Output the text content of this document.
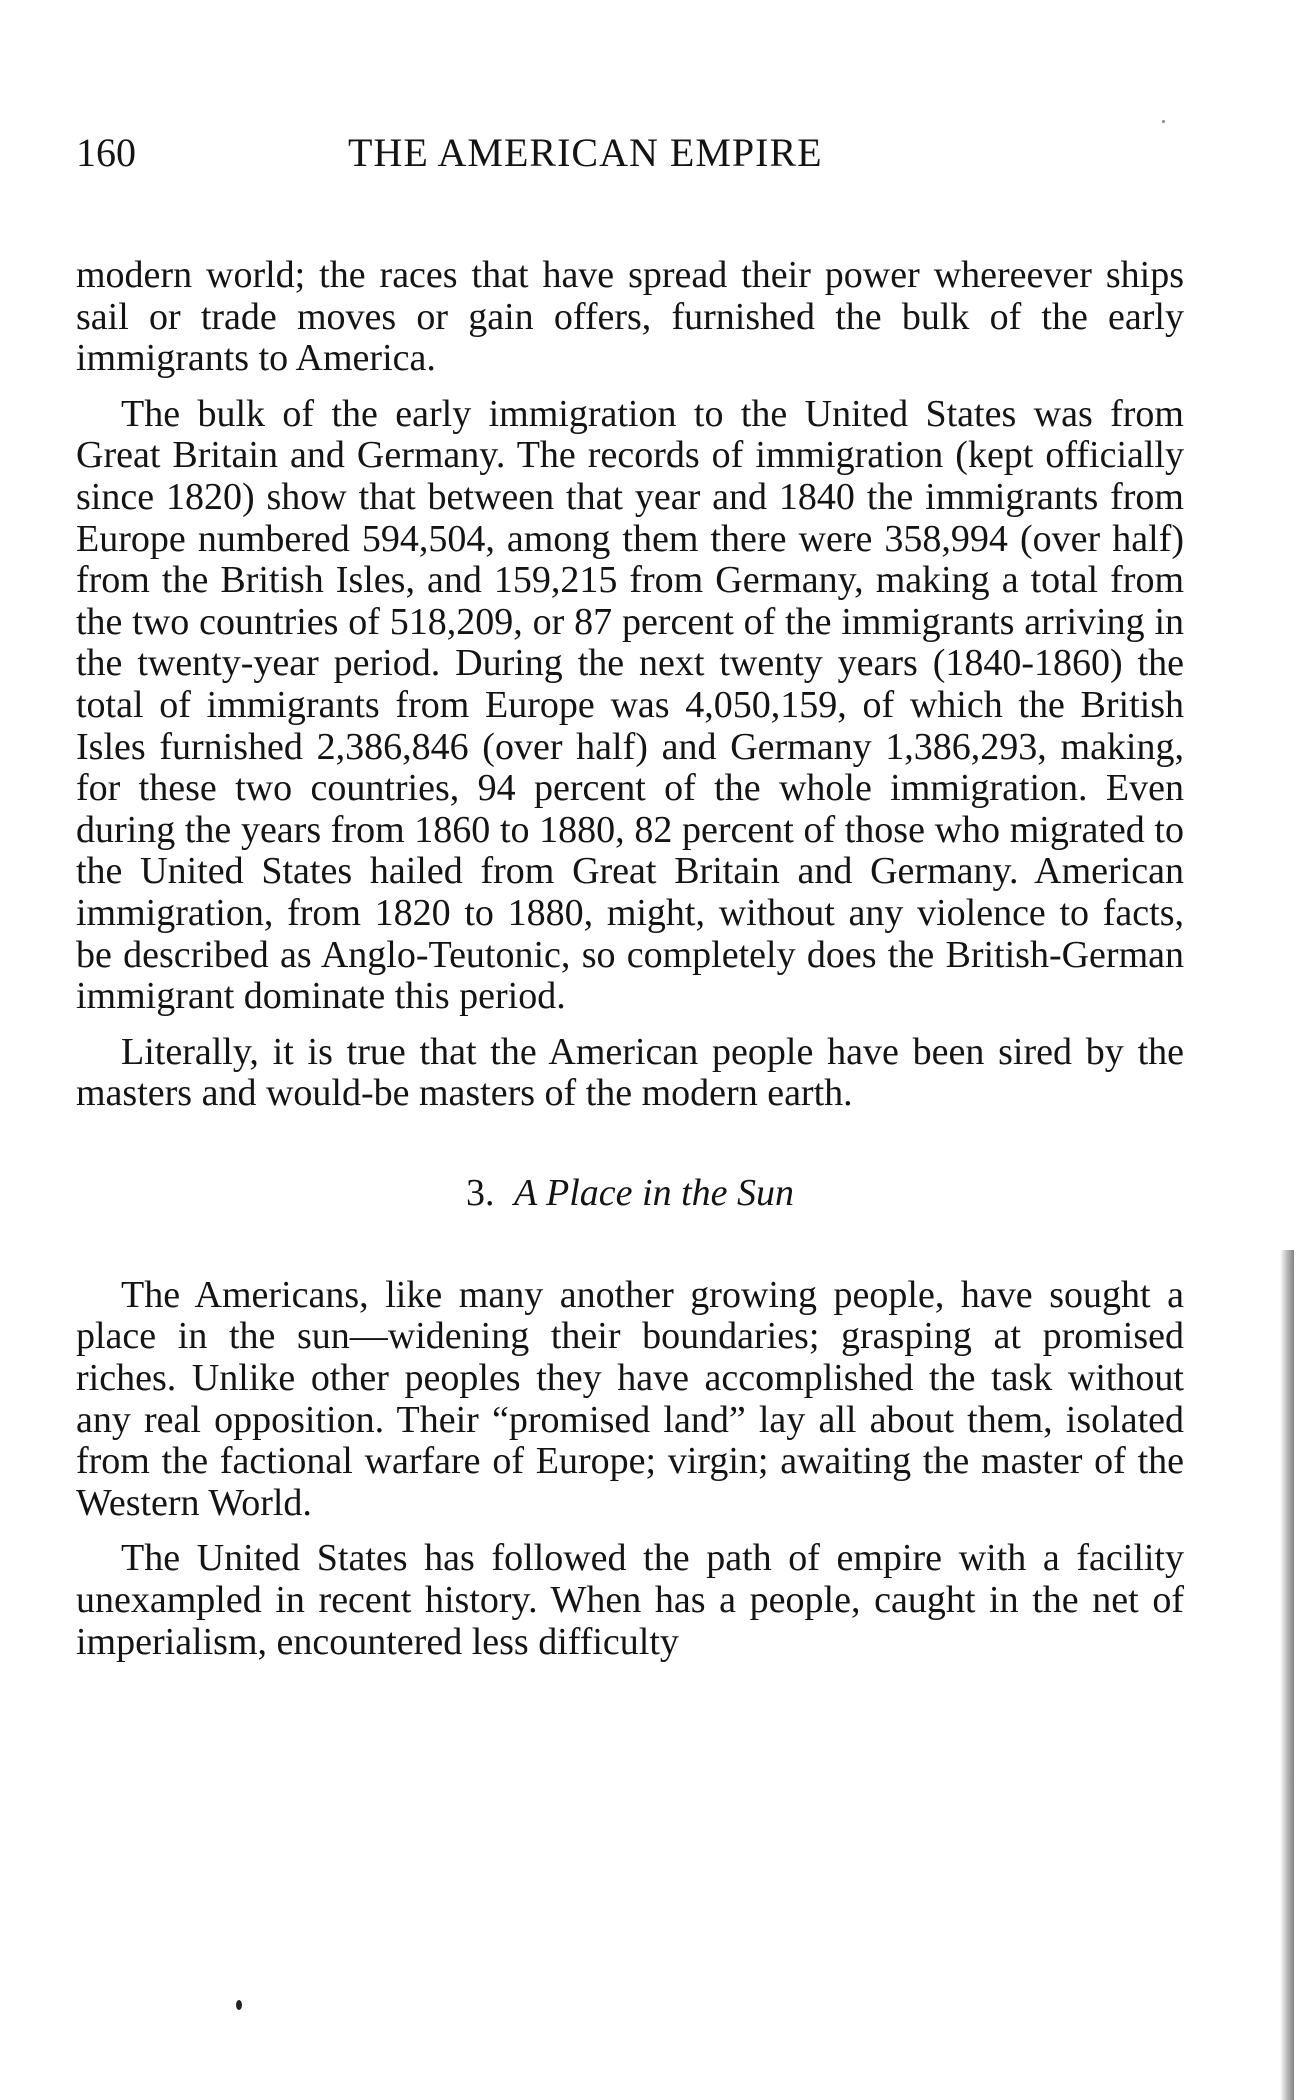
160	THE AMERICAN EMPIRE

modern world; the races that have spread their power whereever ships sail or trade moves or gain offers, furnished the bulk of the early immigrants to America.

The bulk of the early immigration to the United States was from Great Britain and Germany. The records of immigration (kept officially since 1820) show that between that year and 1840 the immigrants from Europe numbered 594,504, among them there were 358,994 (over half) from the British Isles, and 159,215 from Germany, making a total from the two countries of 518,209, or 87 percent of the immigrants arriving in the twenty-year period. During the next twenty years (1840-1860) the total of immigrants from Europe was 4,050,159, of which the British Isles furnished 2,386,846 (over half) and Germany 1,386,293, making, for these two countries, 94 percent of the whole immigration. Even during the years from 1860 to 1880, 82 percent of those who migrated to the United States hailed from Great Britain and Germany. American immigration, from 1820 to 1880, might, without any violence to facts, be described as Anglo-Teutonic, so completely does the British-German immigrant dominate this period.

Literally, it is true that the American people have been sired by the masters and would-be masters of the modern earth.

3. A Place in the Sun

The Americans, like many another growing people, have sought a place in the sun—widening their boundaries; grasping at promised riches. Unlike other peoples they have accomplished the task without any real opposition. Their “promised land” lay all about them, isolated from the factional warfare of Europe; virgin; awaiting the master of the Western World.

The United States has followed the path of empire with a facility unexampled in recent history. When has a people, caught in the net of imperialism, encountered less difficulty
